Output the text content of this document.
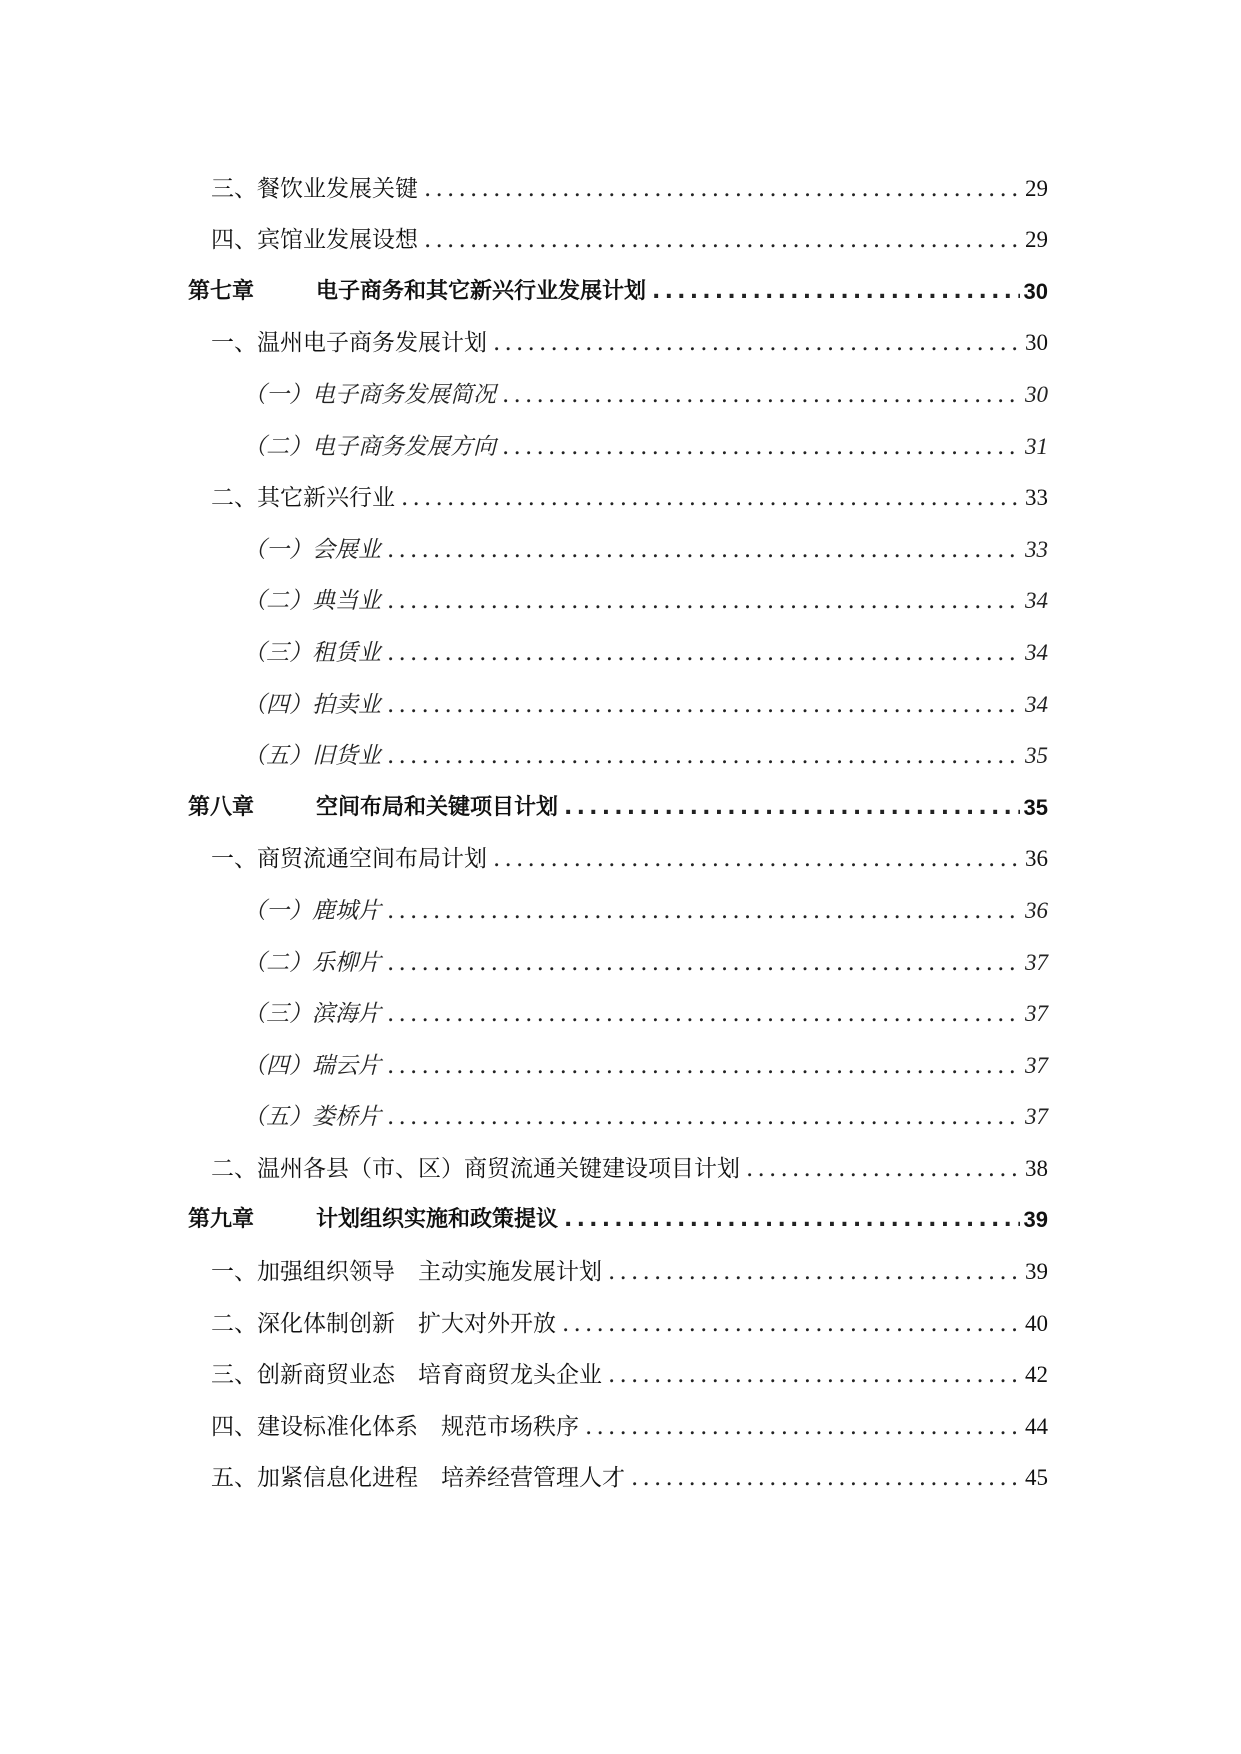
三、 餐饮业发展关键 .....	29
四、 宾馆业发展设想 .....	29
第七章	电子商务和其它新兴行业发展计划 .....	30
一、 温州电子商务发展计划 .....	30
（一） 电子商务发展简况 .....	30
（二） 电子商务发展方向 .....	31
二、 其它新兴行业 .....	33
（一） 会展业 .....	33
（二） 典当业 .....	34
（三） 租赁业 .....	34
（四） 拍卖业 .....	34
（五） 旧货业 .....	35
第八章	空间布局和关键项目计划 .....	35
一、 商贸流通空间布局计划 .....	36
（一） 鹿城片 .....	36
（二） 乐柳片 .....	37
（三） 滨海片 .....	37
（四） 瑞云片 .....	37
（五） 娄桥片 .....	37
二、 温州各县（市、区）商贸流通关键建设项目计划 .....	38
第九章	计划组织实施和政策提议 .....	39
一、 加强组织领导　主动实施发展计划 .....	39
二、 深化体制创新　扩大对外开放 .....	40
三、 创新商贸业态　培育商贸龙头企业 .....	42
四、 建设标准化体系　规范市场秩序 .....	44
五、 加紧信息化进程　培养经营管理人才 .....	45
